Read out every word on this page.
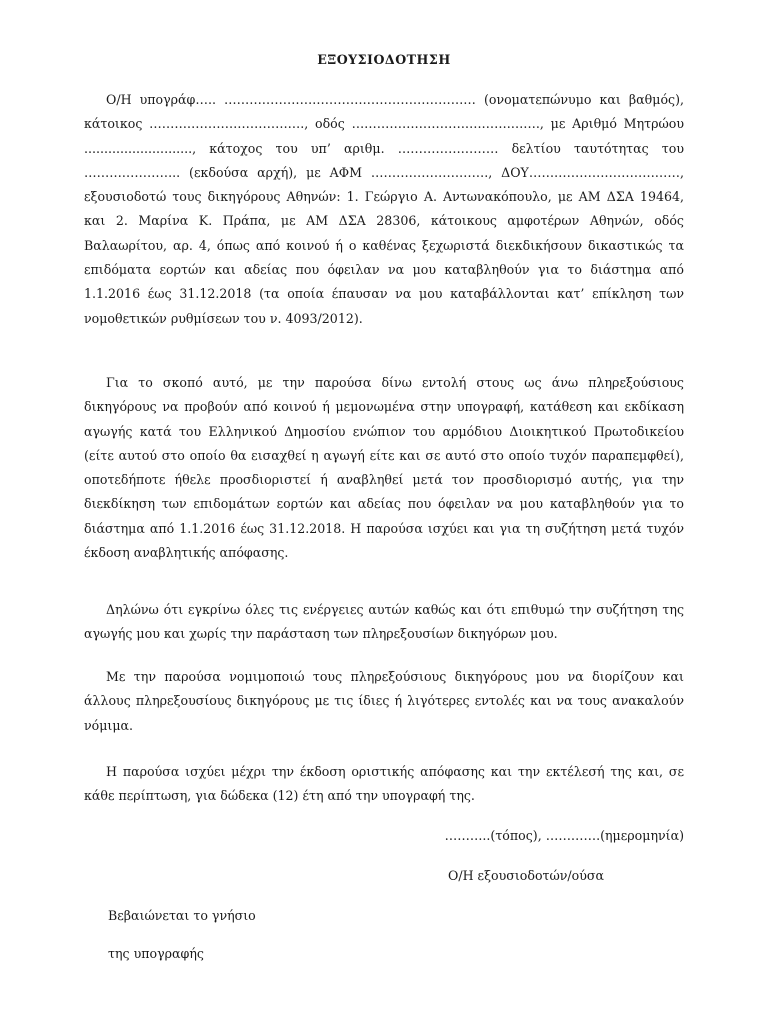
ΕΞΟΥΣΙΟΔΟΤΗΣΗ

Ο/Η υπογράφ….. …………………………………………………… (ονοματεπώνυμο και βαθμός), κάτοικος ………………………………., οδός ………………………….…….……., με Αριθμό Μητρώου ..........................., κάτοχος του υπ’ αριθμ. …………………… δελτίου ταυτότητας του ………………….. (εκδούσα αρχή), με ΑΦΜ ………………………., ΔΟΥ………………………………, εξουσιοδοτώ τους δικηγόρους Αθηνών: 1. Γεώργιο Α. Αντωνακόπουλο, με ΑΜ ΔΣΑ 19464, και 2. Μαρίνα Κ. Πράπα, με ΑΜ ΔΣΑ 28306, κάτοικους αμφοτέρων Αθηνών, οδός Βαλαωρίτου, αρ. 4, όπως από κοινού ή ο καθένας ξεχωριστά διεκδικήσουν δικαστικώς τα επιδόματα εορτών και αδείας που όφειλαν να μου καταβληθούν για το διάστημα από 1.1.2016 έως 31.12.2018 (τα οποία έπαυσαν να μου καταβάλλονται κατ’ επίκληση των νομοθετικών ρυθμίσεων του ν. 4093/2012).

Για το σκοπό αυτό, με την παρούσα δίνω εντολή στους ως άνω πληρεξούσιους δικηγόρους να προβούν από κοινού ή μεμονωμένα στην υπογραφή, κατάθεση και εκδίκαση αγωγής κατά του Ελληνικού Δημοσίου ενώπιον του αρμόδιου Διοικητικού Πρωτοδικείου (είτε αυτού στο οποίο θα εισαχθεί η αγωγή είτε και σε αυτό στο οποίο τυχόν παραπεμφθεί), οποτεδήποτε ήθελε προσδιοριστεί ή αναβληθεί μετά τον προσδιορισμό αυτής, για την διεκδίκηση των επιδομάτων εορτών και αδείας που όφειλαν να μου καταβληθούν για το διάστημα από 1.1.2016 έως 31.12.2018. Η παρούσα ισχύει και για τη συζήτηση μετά τυχόν έκδοση αναβλητικής απόφασης.

Δηλώνω ότι εγκρίνω όλες τις ενέργειες αυτών καθώς και ότι επιθυμώ την συζήτηση της αγωγής μου και χωρίς την παράσταση των πληρεξουσίων δικηγόρων μου.

Με την παρούσα νομιμοποιώ τους πληρεξούσιους δικηγόρους μου να διορίζουν και άλλους πληρεξουσίους δικηγόρους με τις ίδιες ή λιγότερες εντολές και να τους ανακαλούν νόμιμα.

Η παρούσα ισχύει μέχρι την έκδοση οριστικής απόφασης και την εκτέλεσή της και, σε κάθε περίπτωση, για δώδεκα (12) έτη από την υπογραφή της.

………..(τόπος), ………….(ημερομηνία)
Ο/Η εξουσιοδοτών/ούσα
Βεβαιώνεται το γνήσιο
της υπογραφής
